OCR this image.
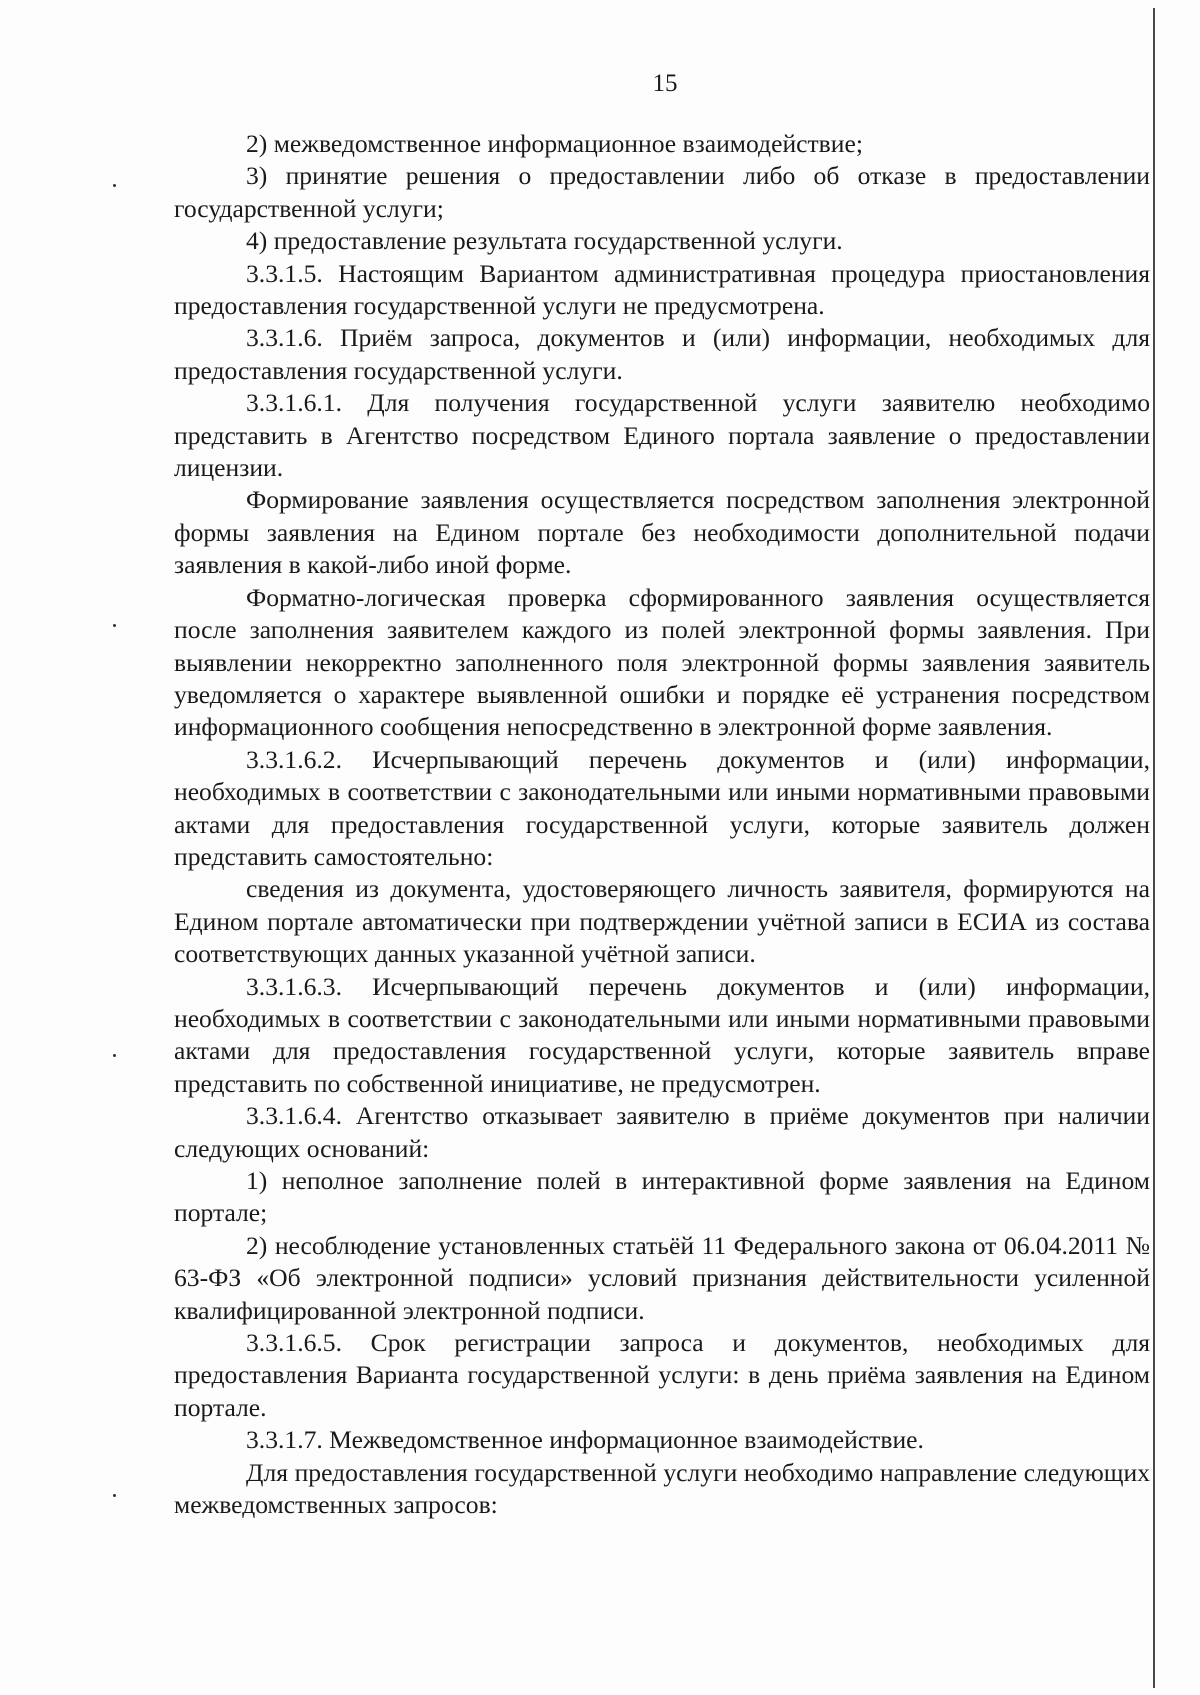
15

2) межведомственное информационное взаимодействие;

3) принятие решения о предоставлении либо об отказе в предоставлении государственной услуги;

4) предоставление результата государственной услуги.

3.3.1.5. Настоящим Вариантом административная процедура приостановления предоставления государственной услуги не предусмотрена.

3.3.1.6. Приём запроса, документов и (или) информации, необходимых для предоставления государственной услуги.

3.3.1.6.1. Для получения государственной услуги заявителю необходимо представить в Агентство посредством Единого портала заявление о предоставлении лицензии.

Формирование заявления осуществляется посредством заполнения электронной формы заявления на Едином портале без необходимости дополнительной подачи заявления в какой-либо иной форме.

Форматно-логическая проверка сформированного заявления осуществляется после заполнения заявителем каждого из полей электронной формы заявления. При выявлении некорректно заполненного поля электронной формы заявления заявитель уведомляется о характере выявленной ошибки и порядке её устранения посредством информационного сообщения непосредственно в электронной форме заявления.

3.3.1.6.2. Исчерпывающий перечень документов и (или) информации, необходимых в соответствии с законодательными или иными нормативными правовыми актами для предоставления государственной услуги, которые заявитель должен представить самостоятельно:

сведения из документа, удостоверяющего личность заявителя, формируются на Едином портале автоматически при подтверждении учётной записи в ЕСИА из состава соответствующих данных указанной учётной записи.

3.3.1.6.3. Исчерпывающий перечень документов и (или) информации, необходимых в соответствии с законодательными или иными нормативными правовыми актами для предоставления государственной услуги, которые заявитель вправе представить по собственной инициативе, не предусмотрен.

3.3.1.6.4. Агентство отказывает заявителю в приёме документов при наличии следующих оснований:

1) неполное заполнение полей в интерактивной форме заявления на Едином портале;

2) несоблюдение установленных статьёй 11 Федерального закона от 06.04.2011 № 63-ФЗ «Об электронной подписи» условий признания действительности усиленной квалифицированной электронной подписи.

3.3.1.6.5. Срок регистрации запроса и документов, необходимых для предоставления Варианта государственной услуги: в день приёма заявления на Едином портале.

3.3.1.7. Межведомственное информационное взаимодействие.

Для предоставления государственной услуги необходимо направление следующих межведомственных запросов:
